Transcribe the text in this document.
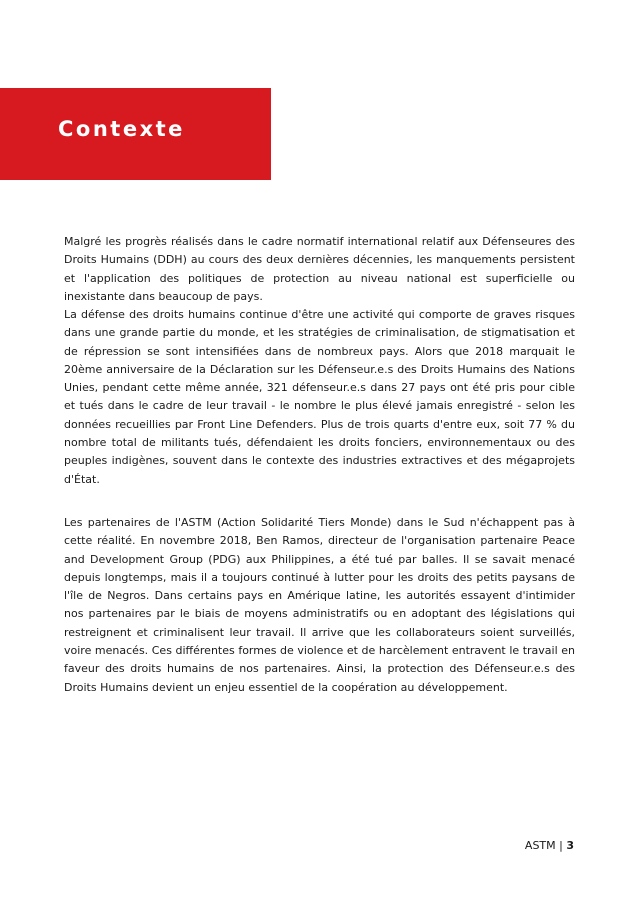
Contexte

Malgré les progrès réalisés dans le cadre normatif international relatif aux Défenseures des Droits Humains (DDH) au cours des deux dernières décennies, les manquements persistent et l'application des politiques de protection au niveau national est superficielle ou inexistante dans beaucoup de pays.

La défense des droits humains continue d'être une activité qui comporte de graves risques dans une grande partie du monde, et les stratégies de criminalisation, de stigmatisation et de répression se sont intensifiées dans de nombreux pays. Alors que 2018 marquait le 20ème anniversaire de la Déclaration sur les Défenseur.e.s des Droits Humains des Nations Unies, pendant cette même année, 321 défenseur.e.s dans 27 pays ont été pris pour cible et tués dans le cadre de leur travail - le nombre le plus élevé jamais enregistré - selon les données recueillies par Front Line Defenders. Plus de trois quarts d'entre eux, soit 77 % du nombre total de militants tués, défendaient les droits fonciers, environnementaux ou des peuples indigènes, souvent dans le contexte des industries extractives et des mégaprojets d'État.

Les partenaires de l'ASTM (Action Solidarité Tiers Monde) dans le Sud n'échappent pas à cette réalité. En novembre 2018, Ben Ramos, directeur de l'organisation partenaire Peace and Development Group (PDG) aux Philippines, a été tué par balles. Il se savait menacé depuis longtemps, mais il a toujours continué à lutter pour les droits des petits paysans de l'île de Negros. Dans certains pays en Amérique latine, les autorités essayent d'intimider nos partenaires par le biais de moyens administratifs ou en adoptant des législations qui restreignent et criminalisent leur travail. Il arrive que les collaborateurs soient surveillés, voire menacés. Ces différentes formes de violence et de harcèlement entravent le travail en faveur des droits humains de nos partenaires. Ainsi, la protection des Défenseur.e.s des Droits Humains devient un enjeu essentiel de la coopération au développement.

ASTM | 3
